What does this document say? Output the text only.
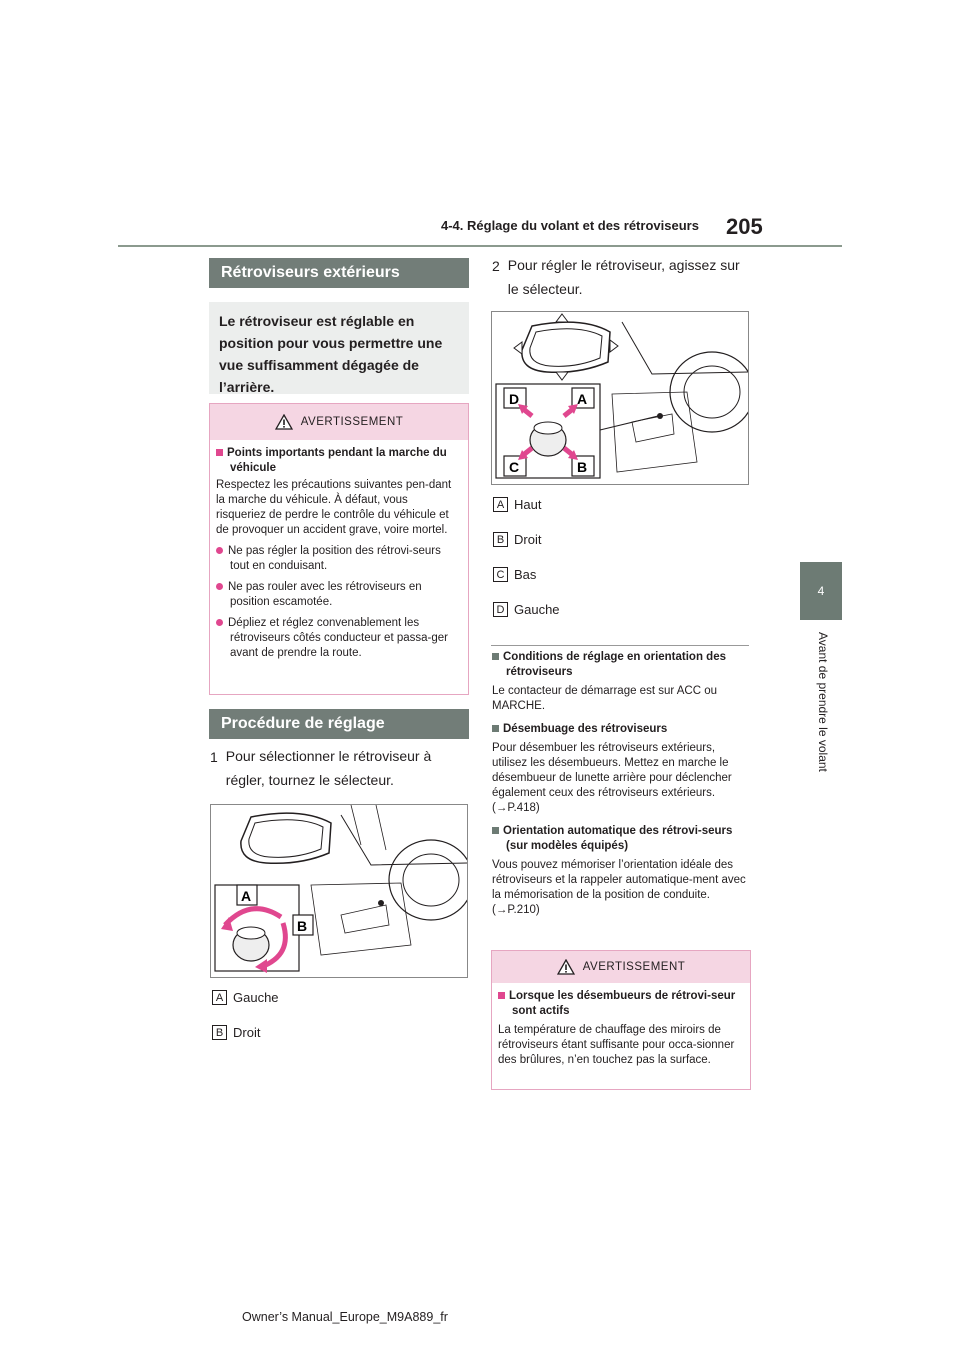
4-4. Réglage du volant et des rétroviseurs 205
4
Avant de prendre le volant
Rétroviseurs extérieurs
Le rétroviseur est réglable en position pour vous permettre une vue suffisamment dégagée de l’arrière.
AVERTISSEMENT
Points importants pendant la marche du véhicule
Respectez les précautions suivantes pen-dant la marche du véhicule. À défaut, vous risqueriez de perdre le contrôle du véhicule et de provoquer un accident grave, voire mortel.
Ne pas régler la position des rétrovi-seurs tout en conduisant.
Ne pas rouler avec les rétroviseurs en position escamotée.
Dépliez et réglez convenablement les rétroviseurs côtés conducteur et passa-ger avant de prendre la route.
Procédure de réglage
1 Pour sélectionner le rétroviseur à régler, tournez le sélecteur.
A
B
A Gauche
B Droit
2 Pour régler le rétroviseur, agissez sur le sélecteur.
D	A
C	B
A Haut
B Droit
C Bas
D Gauche
Conditions de réglage en orientation des rétroviseurs
Le contacteur de démarrage est sur ACC ou MARCHE.
Désembuage des rétroviseurs
Pour désembuer les rétroviseurs extérieurs, utilisez les désembueurs. Mettez en marche le désembueur de lunette arrière pour déclencher également ceux des rétroviseurs extérieurs. (→P.418)
Orientation automatique des rétrovi-seurs (sur modèles équipés)
Vous pouvez mémoriser l’orientation idéale des rétroviseurs et la rappeler automatique-ment avec la mémorisation de la position de conduite. (→P.210)
AVERTISSEMENT
Lorsque les désembueurs de rétrovi-seur sont actifs
La température de chauffage des miroirs de rétroviseurs étant suffisante pour occa-sionner des brûlures, n’en touchez pas la surface.
Owner’s Manual_Europe_M9A889_fr
